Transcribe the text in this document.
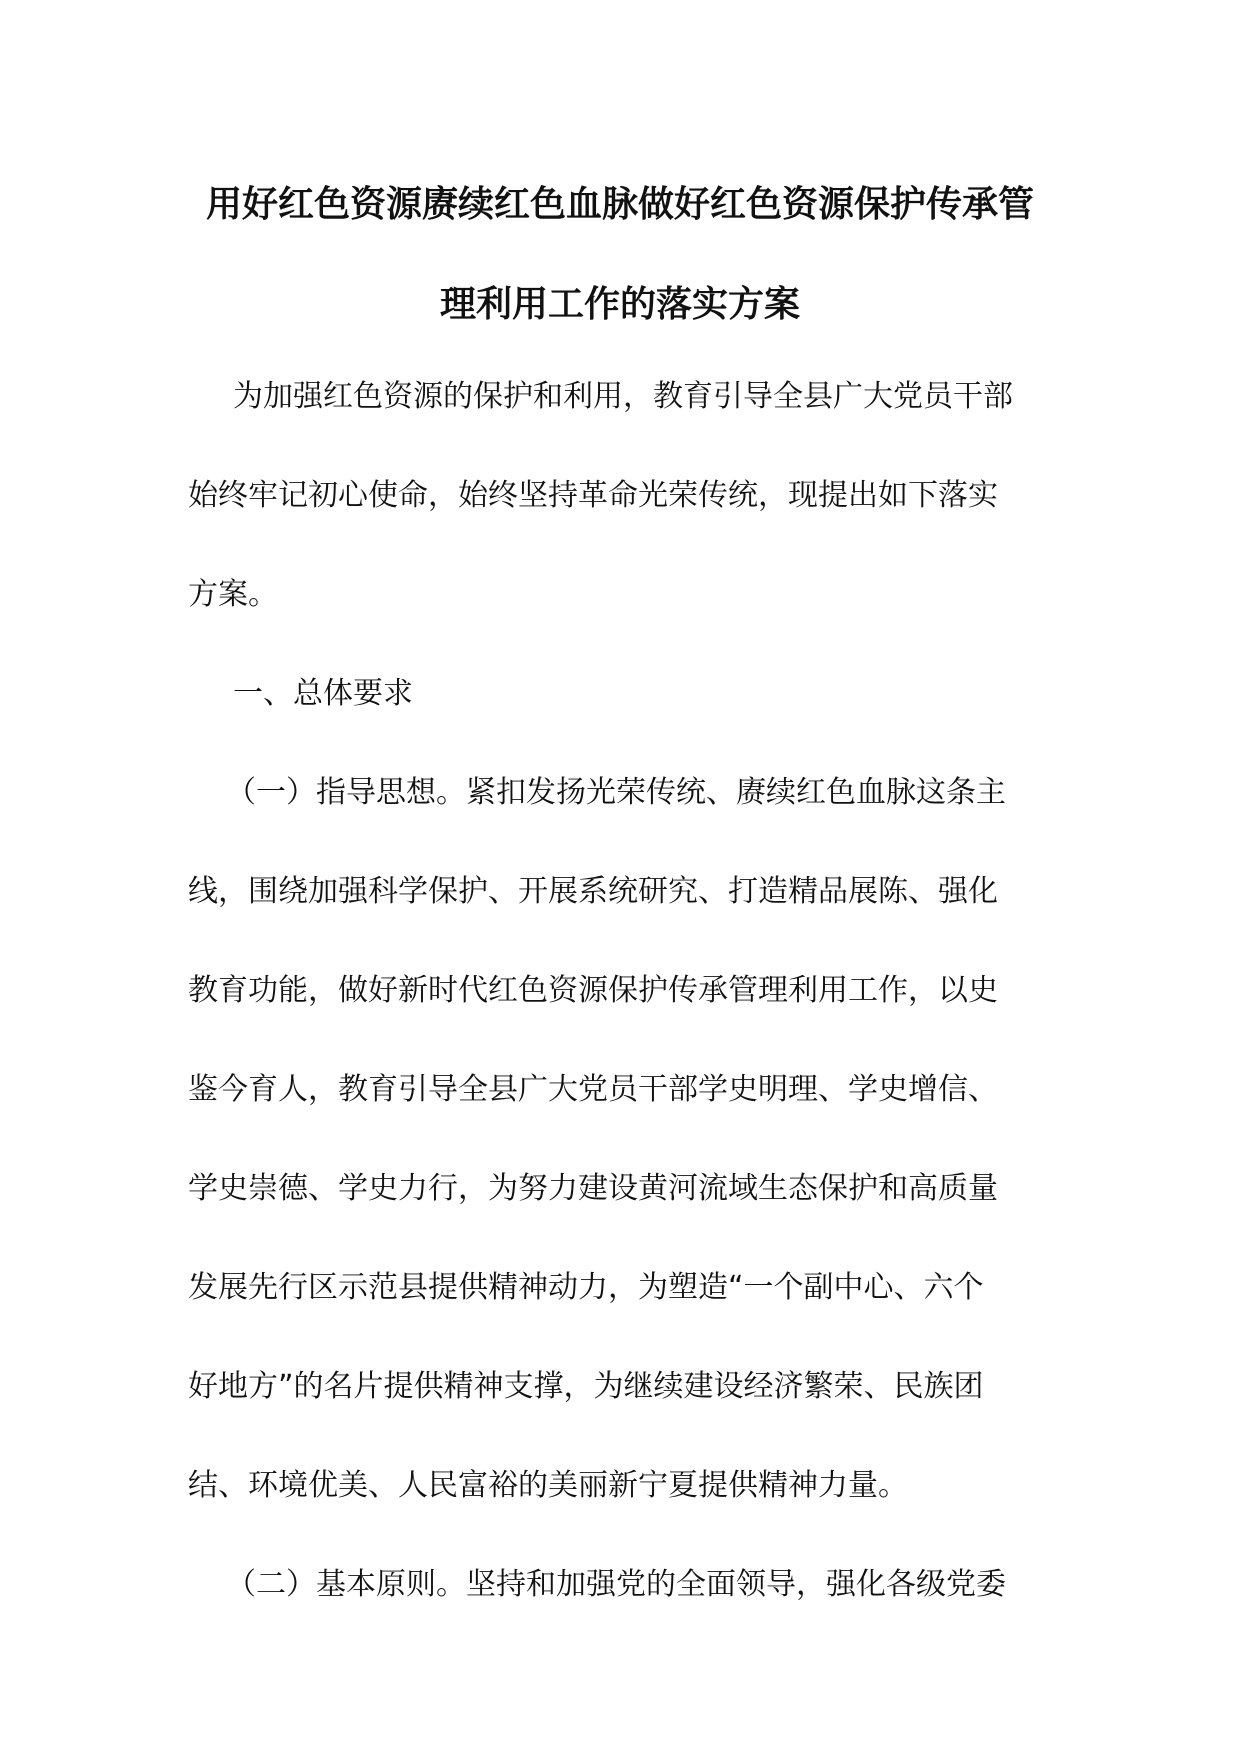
用好红色资源赓续红色血脉做好红色资源保护传承管
理利用工作的落实方案
为加强红色资源的保护和利用，教育引导全县广大党员干部
始终牢记初心使命，始终坚持革命光荣传统，现提出如下落实
方案。
一、总体要求
（一）指导思想。紧扣发扬光荣传统、赓续红色血脉这条主
线，围绕加强科学保护、开展系统研究、打造精品展陈、强化
教育功能，做好新时代红色资源保护传承管理利用工作，以史
鉴今育人，教育引导全县广大党员干部学史明理、学史增信、
学史崇德、学史力行，为努力建设黄河流域生态保护和高质量
发展先行区示范县提供精神动力，为塑造“一个副中心、六个
好地方”的名片提供精神支撑，为继续建设经济繁荣、民族团
结、环境优美、人民富裕的美丽新宁夏提供精神力量。
（二）基本原则。坚持和加强党的全面领导，强化各级党委
